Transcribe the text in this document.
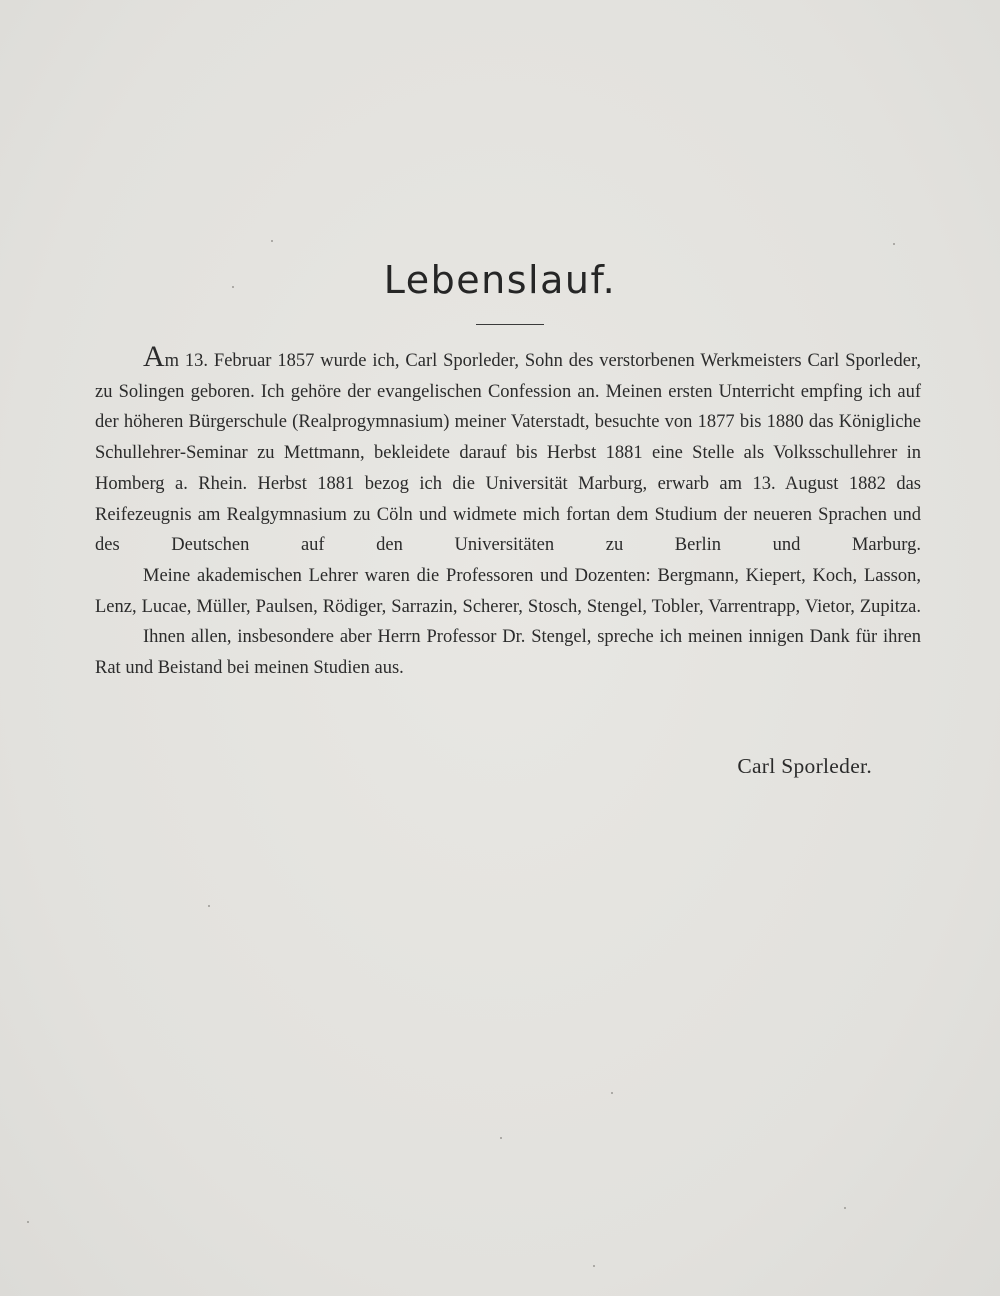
Lebenslauf.

Am 13. Februar 1857 wurde ich, Carl Sporleder, Sohn des verstorbenen Werkmeisters Carl Sporleder, zu Solingen geboren. Ich gehöre der evangelischen Confession an. Meinen ersten Unterricht empfing ich auf der höheren Bürgerschule (Realprogymnasium) meiner Vaterstadt, besuchte von 1877 bis 1880 das Königliche Schullehrer-Seminar zu Mettmann, bekleidete darauf bis Herbst 1881 eine Stelle als Volksschullehrer in Homberg a. Rhein. Herbst 1881 bezog ich die Universität Marburg, erwarb am 13. August 1882 das Reifezeugnis am Realgymnasium zu Cöln und widmete mich fortan dem Studium der neueren Sprachen und des Deutschen auf den Universitäten zu Berlin und Marburg.

Meine akademischen Lehrer waren die Professoren und Dozenten: Bergmann, Kiepert, Koch, Lasson, Lenz, Lucae, Müller, Paulsen, Rödiger, Sarrazin, Scherer, Stosch, Stengel, Tobler, Varrentrapp, Vietor, Zupitza.

Ihnen allen, insbesondere aber Herrn Professor Dr. Stengel, spreche ich meinen innigen Dank für ihren Rat und Beistand bei meinen Studien aus.

Carl Sporleder.
